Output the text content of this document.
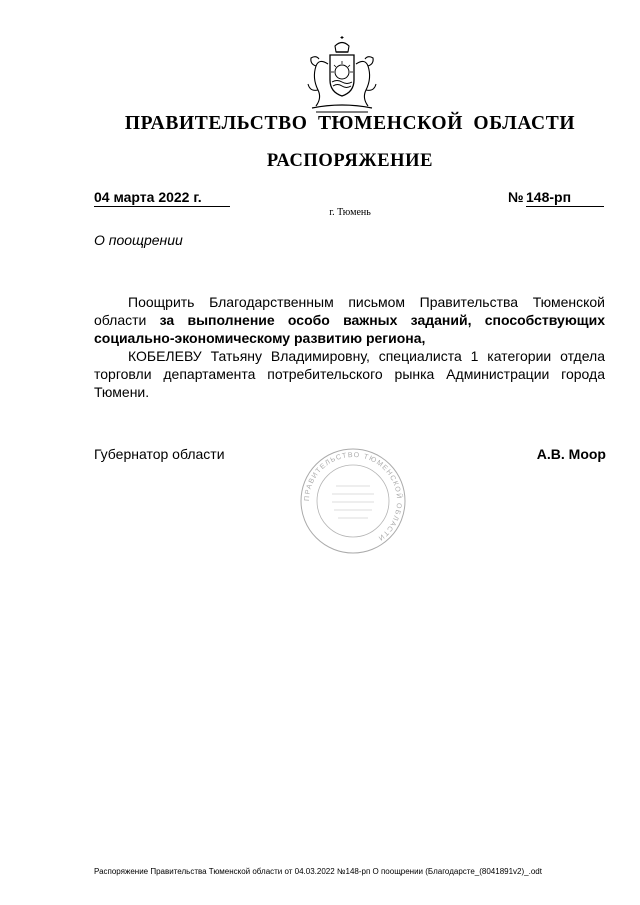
ПРАВИТЕЛЬСТВО ТЮМЕНСКОЙ ОБЛАСТИ
РАСПОРЯЖЕНИЕ
04 марта 2022 г.	№ 148-рп
г. Тюмень
О поощрении
Поощрить Благодарственным письмом Правительства Тюменской области за выполнение особо важных заданий, способствующих социально-экономическому развитию региона,
КОБЕЛЕВУ Татьяну Владимировну, специалиста 1 категории отдела торговли департамента потребительского рынка Администрации города Тюмени.
Губернатор области
ПРАВИТЕЛЬСТВО ТЮМЕНСКОЙ ОБЛАСТИ
А.В. Моор
Распоряжение Правительства Тюменской области от 04.03.2022 №148-рп О поощрении (Благодарсте_(8041891v2)_.odt
